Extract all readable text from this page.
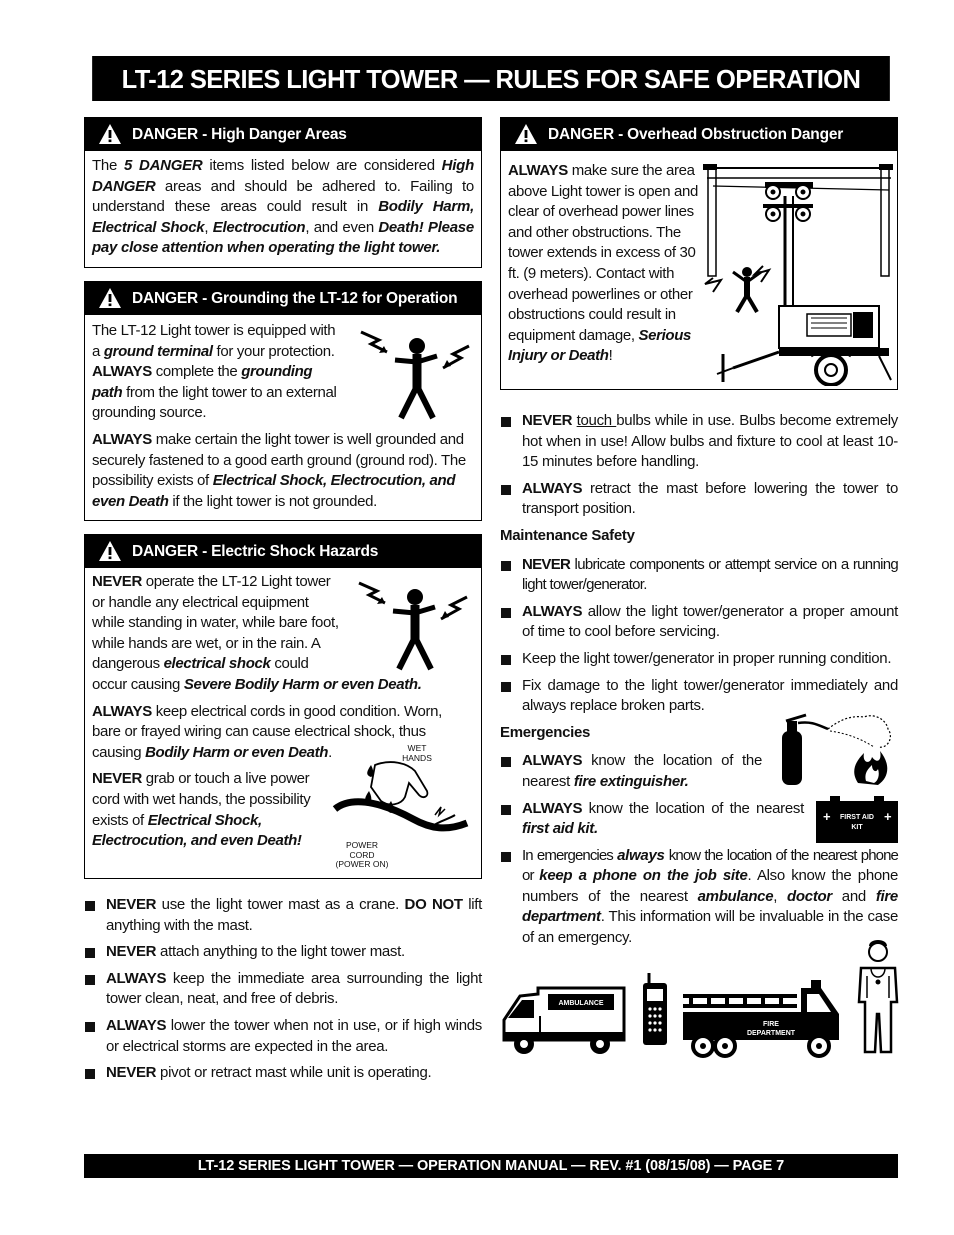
LT-12 SERIES LIGHT TOWER — RULES FOR SAFE OPERATION
DANGER - High Danger Areas
The 5 DANGER items listed below are considered High DANGER areas and should be adhered to. Failing to understand these areas could result in Bodily Harm, Electrical Shock, Electrocution, and even Death! Please pay close attention when operating the light tower.
DANGER - Grounding the LT-12 for Operation

The LT-12 Light tower is equipped with a ground terminal for your protection. ALWAYS complete the grounding path from the light tower to an external grounding source.

ALWAYS make certain the light tower is well grounded and securely fastened to a good earth ground (ground rod). The possibility exists of Electrical Shock, Electrocution, and even Death if the light tower is not grounded.

DANGER - Electric Shock Hazards

NEVER operate the LT-12 Light tower or handle any electrical equipment while standing in water, while bare foot, while hands are wet, or in the rain. A dangerous electrical shock could occur causing Severe Bodily Harm or even Death.

ALWAYS keep electrical cords in good condition. Worn, bare or frayed wiring can cause electrical shock, thus causing Bodily Harm or even Death.

NEVER grab or touch a live power cord with wet hands, the possibility exists of Electrical Shock, Electrocution, and even Death!

WET HANDS
POWER CORD (POWER ON)
NEVER use the light tower mast as a crane. DO NOT lift anything with the mast.
NEVER attach anything to the light tower mast.
ALWAYS keep the immediate area surrounding the light tower clean, neat, and free of debris.
ALWAYS lower the tower when not in use, or if high winds or electrical storms are expected in the area.
NEVER pivot or retract mast while unit is operating.
DANGER - Overhead Obstruction Danger
ALWAYS make sure the area above Light tower is open and clear of overhead power lines and other obstructions. The tower extends in excess of 30 ft. (9 meters). Contact with overhead powerlines or other obstructions could result in equipment damage, Serious Injury or Death!
NEVER touch bulbs while in use. Bulbs become extremely hot when in use! Allow bulbs and fixture to cool at least 10-15 minutes before handling.
ALWAYS retract the mast before lowering the tower to transport position.
Maintenance Safety
NEVER lubricate components or attempt service on a running light tower/generator.
ALWAYS allow the light tower/generator a proper amount of time to cool before servicing.
Keep the light tower/generator in proper running condition.
Fix damage to the light tower/generator immediately and always replace broken parts.
Emergencies
ALWAYS know the location of the nearest fire extinguisher.
ALWAYS know the location of the nearest first aid kit.
In emergencies always know the location of the nearest phone or keep a phone on the job site. Also know the phone numbers of the nearest ambulance, doctor and fire department. This information will be invaluable in the case of an emergency.
+	+
FIRST AID
KIT
AMBULANCE
FIRE
DEPARTMENT
LT-12 SERIES LIGHT TOWER — OPERATION MANUAL — REV. #1 (08/15/08) — PAGE 7
